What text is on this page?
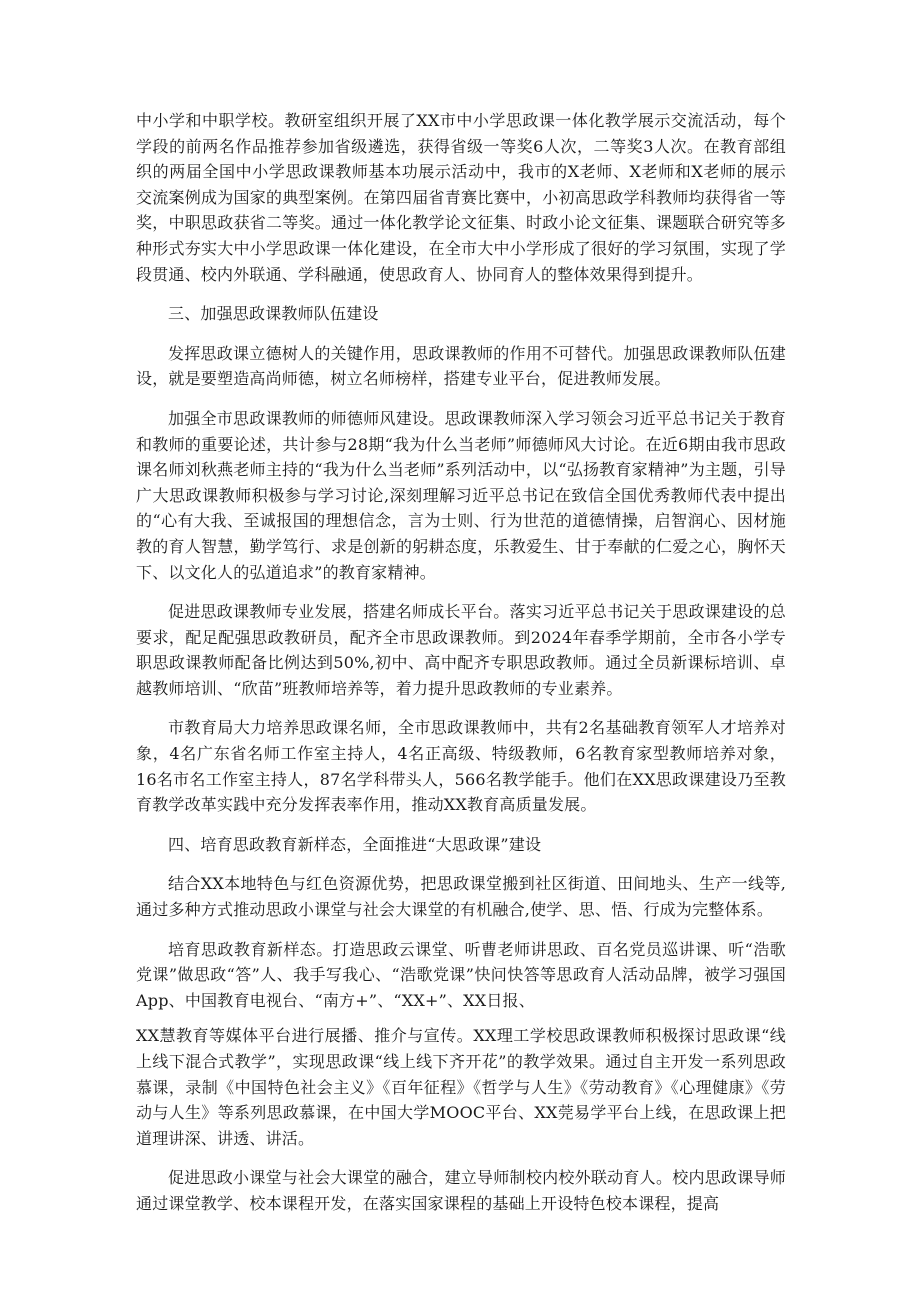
中小学和中职学校。教研室组织开展了XX市中小学思政课一体化教学展示交流活动，每个学段的前两名作品推荐参加省级遴选，获得省级一等奖6人次，二等奖3人次。在教育部组织的两届全国中小学思政课教师基本功展示活动中，我市的X老师、X老师和X老师的展示交流案例成为国家的典型案例。在第四届省青赛比赛中，小初高思政学科教师均获得省一等奖，中职思政获省二等奖。通过一体化教学论文征集、时政小论文征集、课题联合研究等多种形式夯实大中小学思政课一体化建设，在全市大中小学形成了很好的学习氛围，实现了学段贯通、校内外联通、学科融通，使思政育人、协同育人的整体效果得到提升。

三、加强思政课教师队伍建设

发挥思政课立德树人的关键作用，思政课教师的作用不可替代。加强思政课教师队伍建设，就是要塑造高尚师德，树立名师榜样，搭建专业平台，促进教师发展。

加强全市思政课教师的师德师风建设。思政课教师深入学习领会习近平总书记关于教育和教师的重要论述，共计参与28期“我为什么当老师”师德师风大讨论。在近6期由我市思政课名师刘秋燕老师主持的“我为什么当老师”系列活动中，以“弘扬教育家精神”为主题，引导广大思政课教师积极参与学习讨论,深刻理解习近平总书记在致信全国优秀教师代表中提出的“心有大我、至诚报国的理想信念，言为士则、行为世范的道德情操，启智润心、因材施教的育人智慧，勤学笃行、求是创新的躬耕态度，乐教爱生、甘于奉献的仁爱之心，胸怀天下、以文化人的弘道追求”的教育家精神。

促进思政课教师专业发展，搭建名师成长平台。落实习近平总书记关于思政课建设的总要求，配足配强思政教研员，配齐全市思政课教师。到2024年春季学期前，全市各小学专职思政课教师配备比例达到50%,初中、高中配齐专职思政教师。通过全员新课标培训、卓越教师培训、“欣苗”班教师培养等，着力提升思政教师的专业素养。

市教育局大力培养思政课名师，全市思政课教师中，共有2名基础教育领军人才培养对象，4名广东省名师工作室主持人，4名正高级、特级教师，6名教育家型教师培养对象，16名市名工作室主持人，87名学科带头人，566名教学能手。他们在XX思政课建设乃至教育教学改革实践中充分发挥表率作用，推动XX教育高质量发展。

四、培育思政教育新样态，全面推进“大思政课”建设

结合XX本地特色与红色资源优势，把思政课堂搬到社区街道、田间地头、生产一线等,通过多种方式推动思政小课堂与社会大课堂的有机融合,使学、思、悟、行成为完整体系。

培育思政教育新样态。打造思政云课堂、听曹老师讲思政、百名党员巡讲课、听“浩歌党课”做思政“答”人、我手写我心、“浩歌党课”快问快答等思政育人活动品牌，被学习强国App、中国教育电视台、“南方+”、“XX+”、XX日报、

XX慧教育等媒体平台进行展播、推介与宣传。XX理工学校思政课教师积极探讨思政课“线上线下混合式教学”，实现思政课“线上线下齐开花”的教学效果。通过自主开发一系列思政慕课，录制《中国特色社会主义》《百年征程》《哲学与人生》《劳动教育》《心理健康》《劳动与人生》等系列思政慕课，在中国大学MOOC平台、XX莞易学平台上线，在思政课上把道理讲深、讲透、讲活。

促进思政小课堂与社会大课堂的融合，建立导师制校内校外联动育人。校内思政课导师通过课堂教学、校本课程开发，在落实国家课程的基础上开设特色校本课程，提高
